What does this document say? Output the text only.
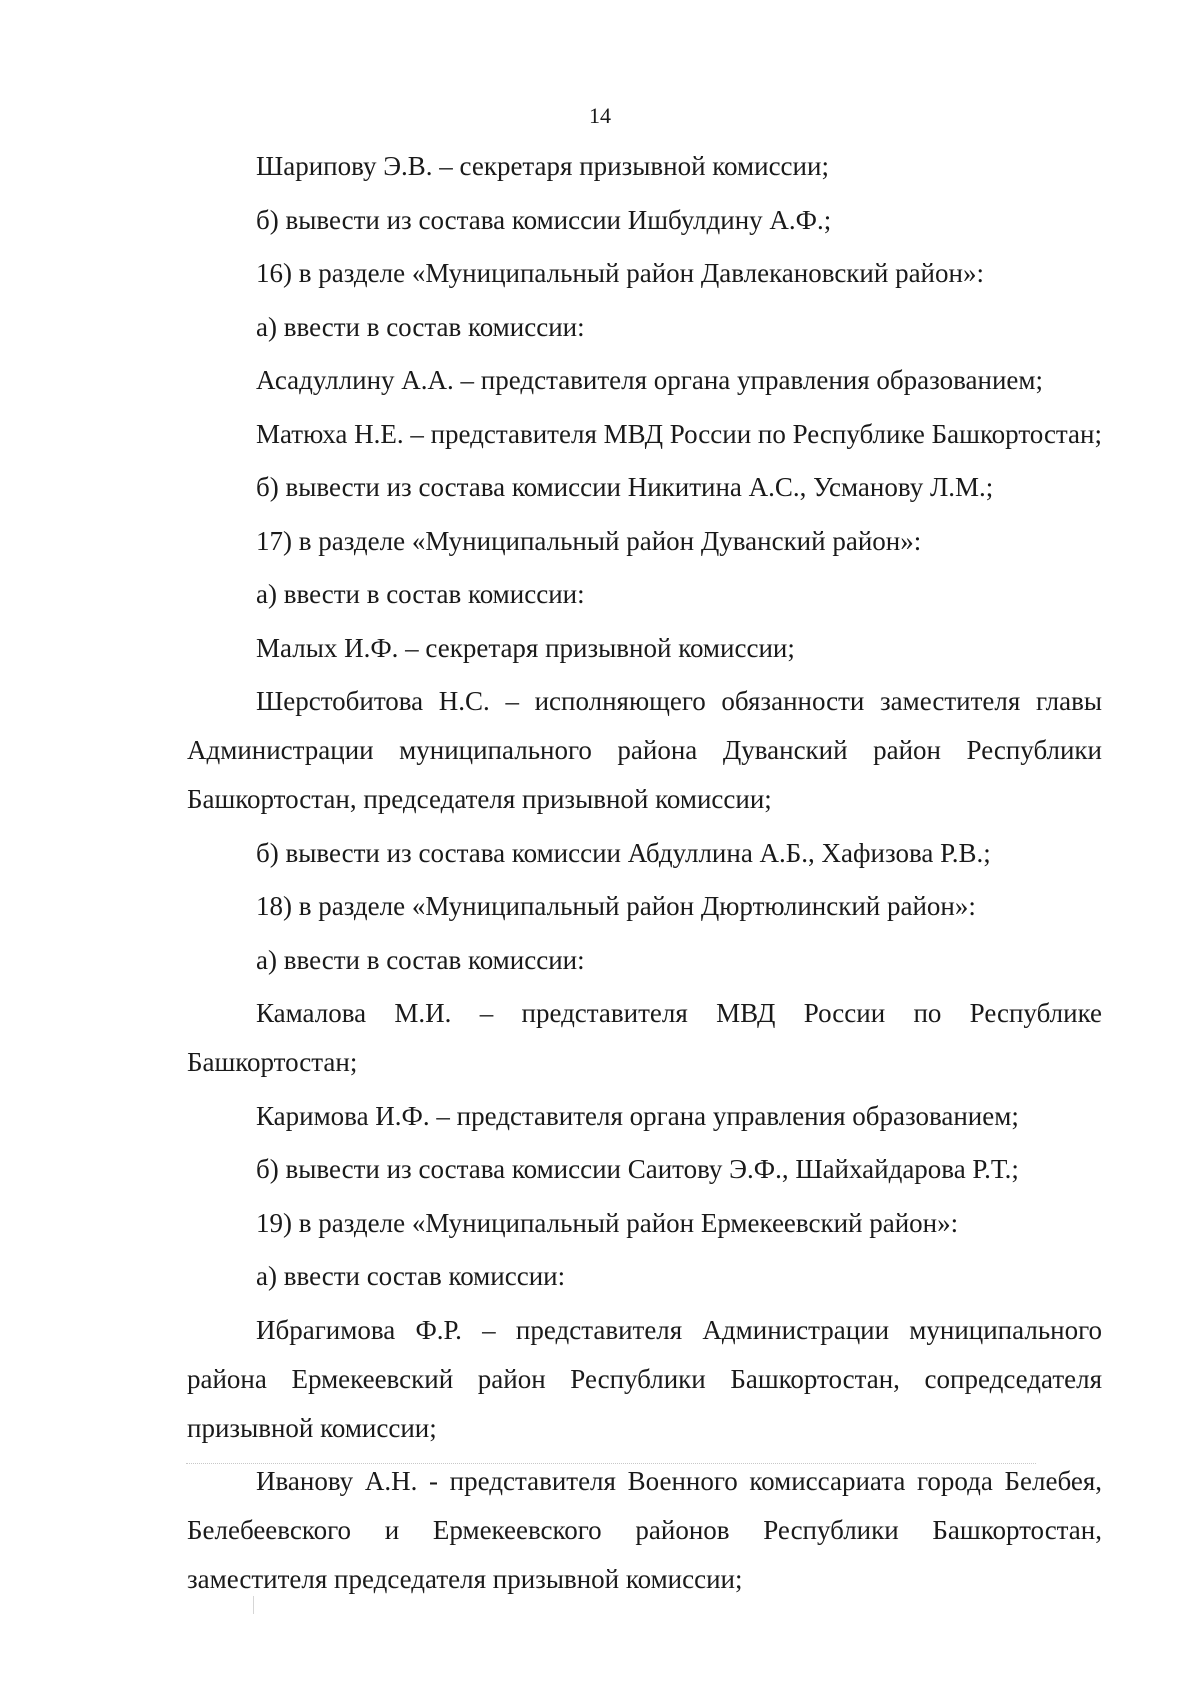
14

Шарипову Э.В. – секретаря призывной комиссии;

б) вывести из состава комиссии Ишбулдину А.Ф.;

16) в разделе «Муниципальный район Давлекановский район»:

а) ввести в состав комиссии:

Асадуллину А.А. – представителя органа управления образованием;

Матюха Н.Е. – представителя МВД России по Республике Башкортостан;

б) вывести из состава комиссии Никитина А.С., Усманову Л.М.;

17) в разделе «Муниципальный район Дуванский район»:

а) ввести в состав комиссии:

Малых И.Ф. – секретаря призывной комиссии;

Шерстобитова Н.С. – исполняющего обязанности заместителя главы Администрации муниципального района Дуванский район Республики Башкортостан, председателя призывной комиссии;

б) вывести из состава комиссии Абдуллина А.Б., Хафизова Р.В.;

18) в разделе «Муниципальный район Дюртюлинский район»:

а) ввести в состав комиссии:

Камалова М.И. – представителя МВД России по Республике Башкортостан;

Каримова И.Ф. – представителя органа управления образованием;

б) вывести из состава комиссии Саитову Э.Ф., Шайхайдарова Р.Т.;

19) в разделе «Муниципальный район Ермекеевский район»:

а) ввести состав комиссии:

Ибрагимова Ф.Р. – представителя Администрации муниципального района Ермекеевский район Республики Башкортостан, сопредседателя призывной комиссии;

Иванову А.Н. - представителя Военного комиссариата города Белебея, Белебеевского и Ермекеевского районов Республики Башкортостан, заместителя председателя призывной комиссии;
